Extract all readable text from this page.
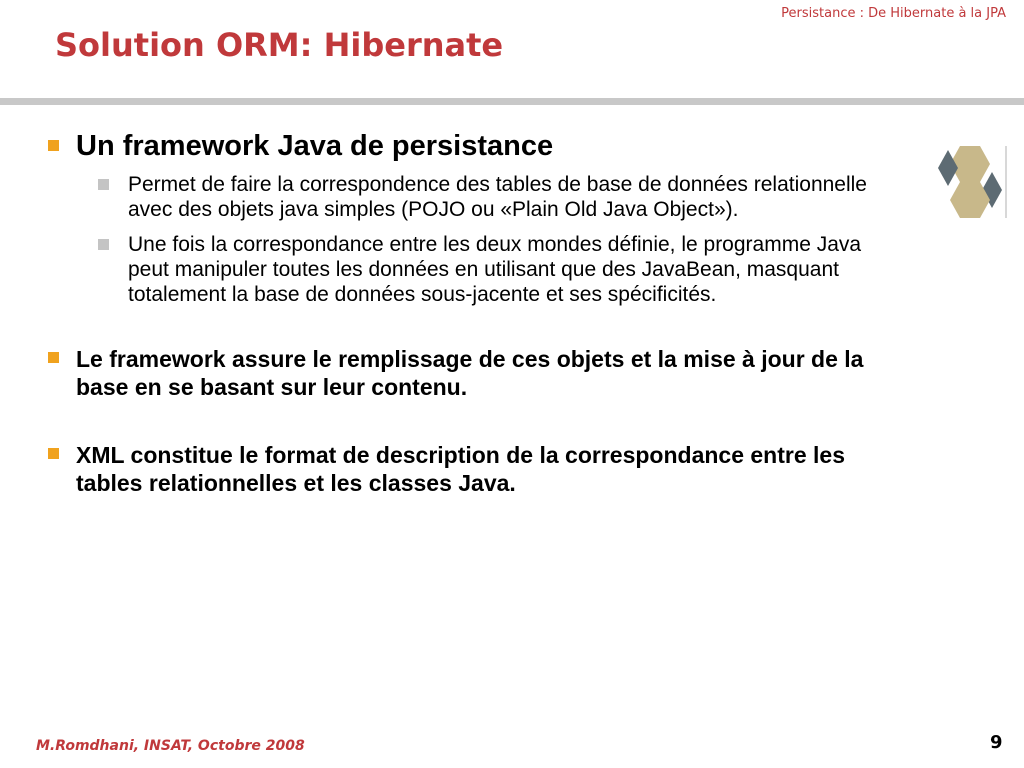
Persistance : De Hibernate à la JPA
Solution ORM: Hibernate
Un framework Java de persistance
Permet de faire la correspondence des tables de base de données relationnelle avec des objets java simples (POJO ou «Plain Old Java Object»).
Une fois la correspondance entre les deux mondes définie, le programme Java peut manipuler toutes les données en utilisant que des JavaBean, masquant totalement la base de données sous-jacente et ses spécificités.
Le framework assure le remplissage de ces objets et la mise à jour de la base en se basant sur leur contenu.
XML constitue le format de description de la correspondance entre les tables relationnelles et les classes Java.
M.Romdhani, INSAT, Octobre 2008	9
